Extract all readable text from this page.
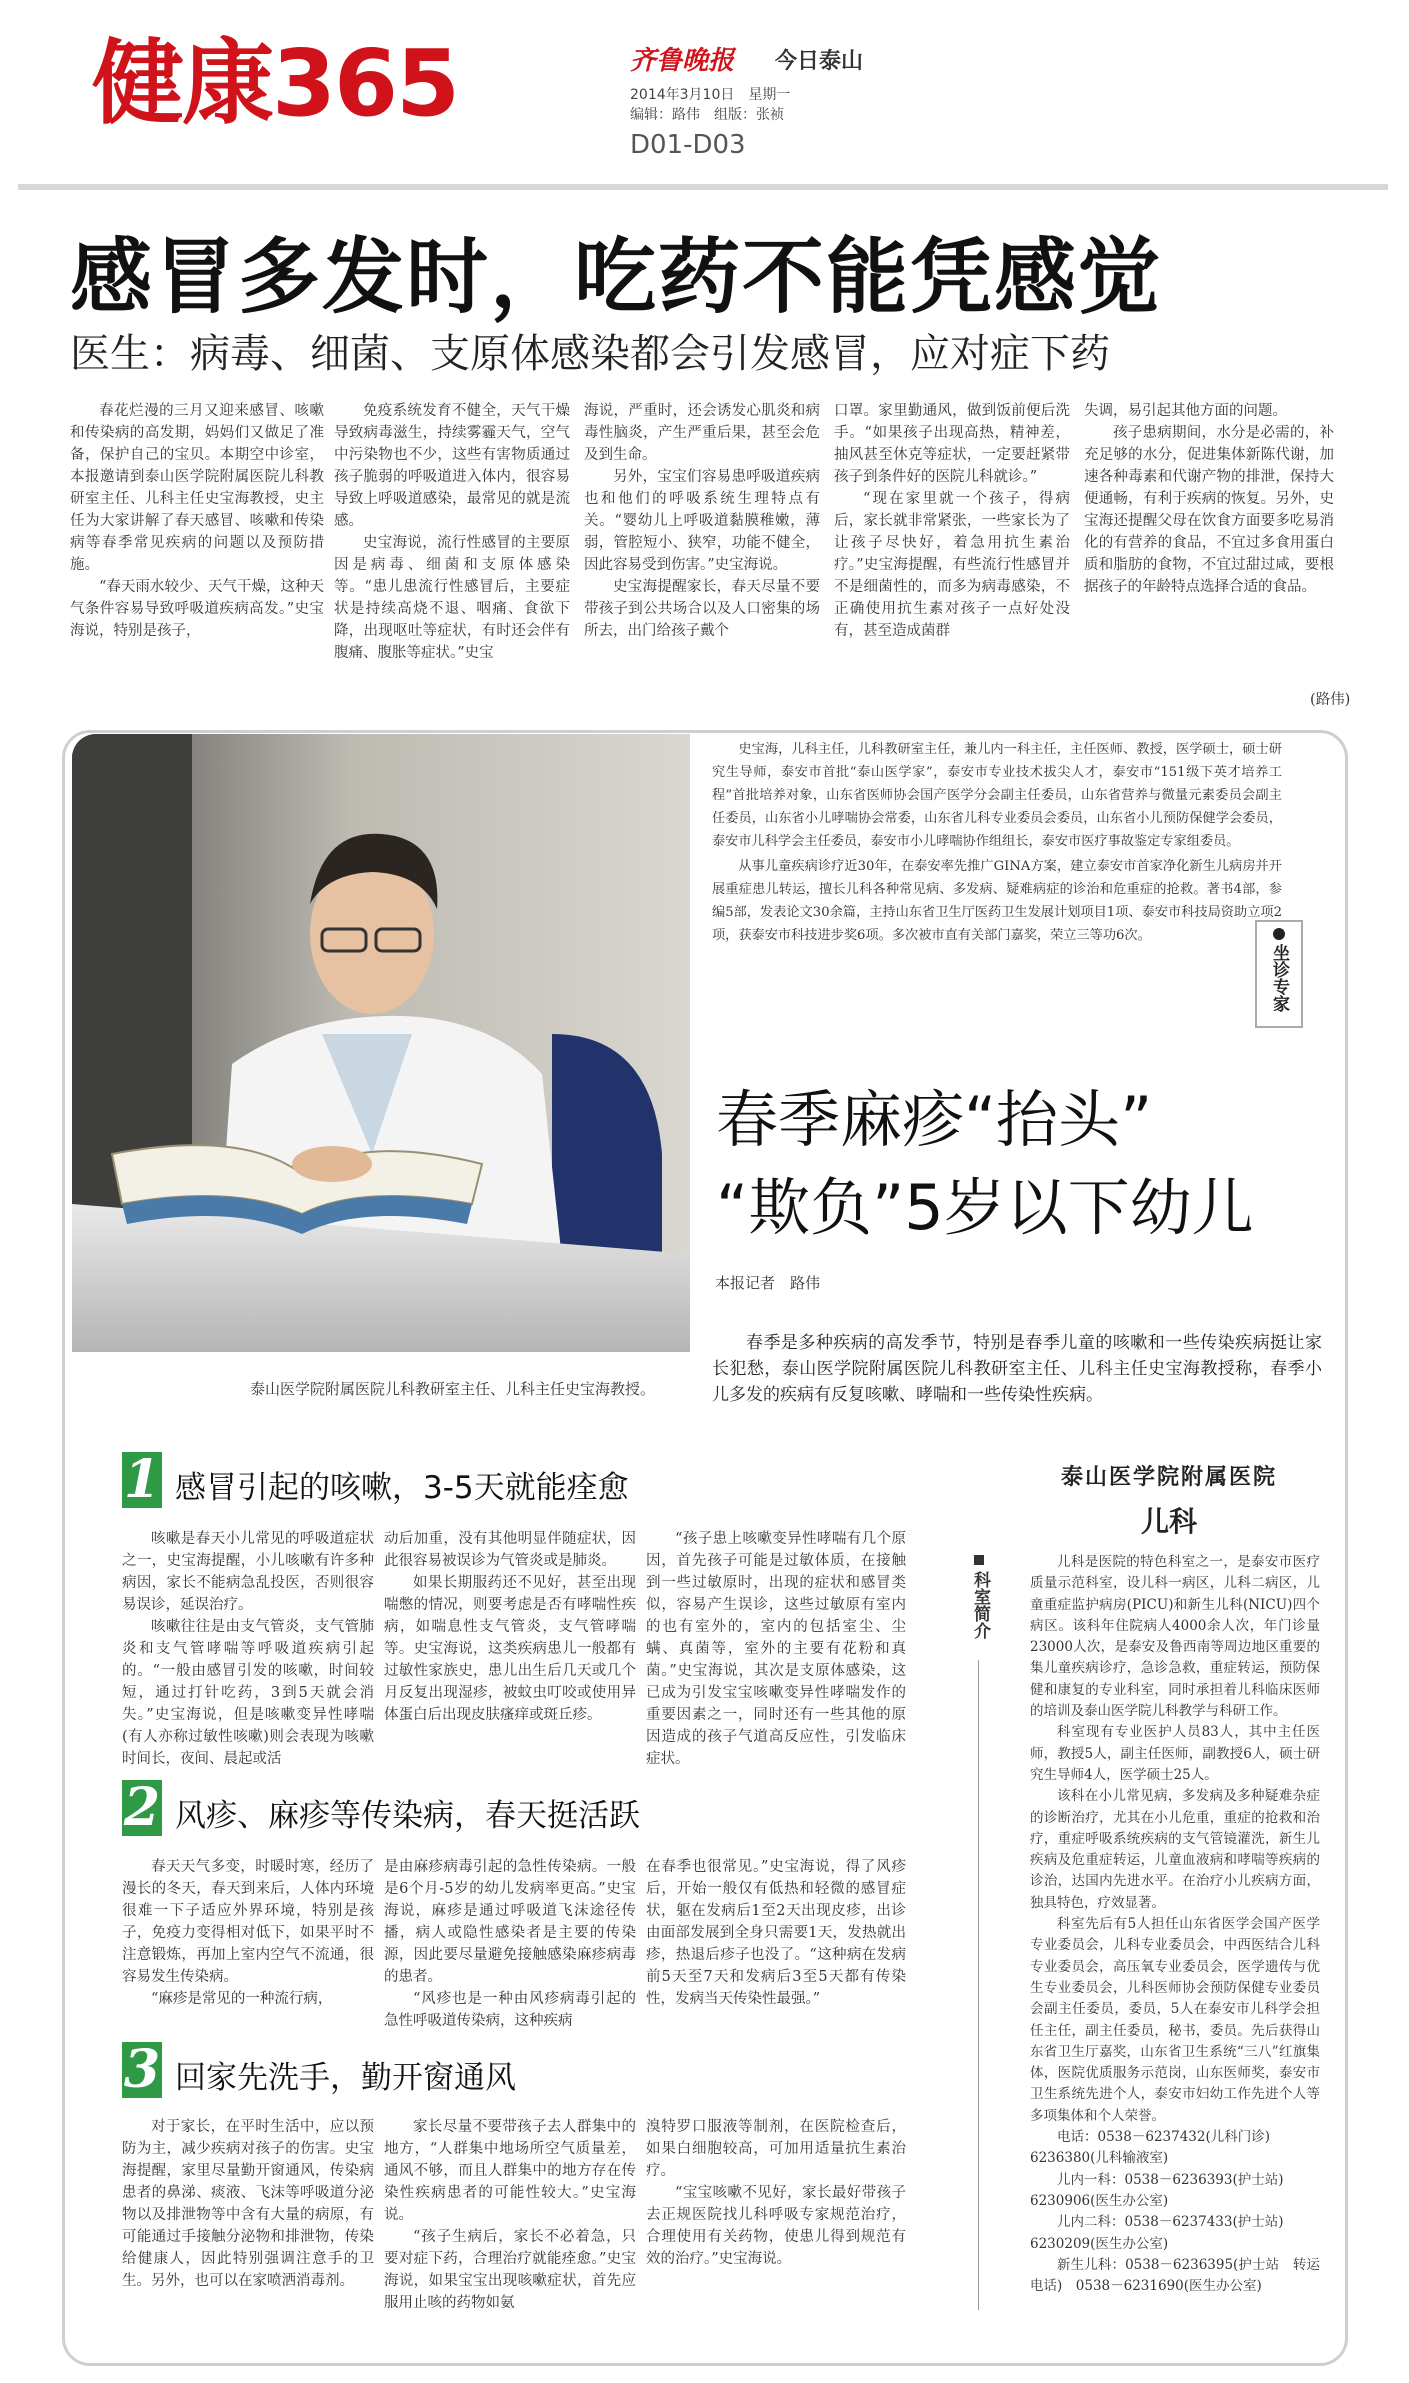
健康365	齐鲁晚报 今日泰山
2014年3月10日　星期一
编辑：路伟　组版：张祯
D01-D03
感冒多发时，吃药不能凭感觉
医生：病毒、细菌、支原体感染都会引发感冒，应对症下药

春花烂漫的三月又迎来感冒、咳嗽和传染病的高发期，妈妈们又做足了准备，保护自己的宝贝。本期空中诊室，本报邀请到泰山医学院附属医院儿科教研室主任、儿科主任史宝海教授，史主任为大家讲解了春天感冒、咳嗽和传染病等春季常见疾病的问题以及预防措施。

“春天雨水较少、天气干燥，这种天气条件容易导致呼吸道疾病高发。”史宝海说，特别是孩子，

免疫系统发育不健全，天气干燥导致病毒滋生，持续雾霾天气，空气中污染物也不少，这些有害物质通过孩子脆弱的呼吸道进入体内，很容易导致上呼吸道感染，最常见的就是流感。

史宝海说，流行性感冒的主要原因是病毒、细菌和支原体感染等。“患儿患流行性感冒后，主要症状是持续高烧不退、咽痛、食欲下降，出现呕吐等症状，有时还会伴有腹痛、腹胀等症状。”史宝

海说，严重时，还会诱发心肌炎和病毒性脑炎，产生严重后果，甚至会危及到生命。

另外，宝宝们容易患呼吸道疾病也和他们的呼吸系统生理特点有关。“婴幼儿上呼吸道黏膜稚嫩，薄弱，管腔短小、狭窄，功能不健全，因此容易受到伤害。”史宝海说。

史宝海提醒家长，春天尽量不要带孩子到公共场合以及人口密集的场所去，出门给孩子戴个

口罩。家里勤通风，做到饭前便后洗手。“如果孩子出现高热，精神差，抽风甚至休克等症状，一定要赶紧带孩子到条件好的医院儿科就诊。”

“现在家里就一个孩子，得病后，家长就非常紧张，一些家长为了让孩子尽快好，着急用抗生素治疗。”史宝海提醒，有些流行性感冒并不是细菌性的，而多为病毒感染，不正确使用抗生素对孩子一点好处没有，甚至造成菌群

失调，易引起其他方面的问题。

孩子患病期间，水分是必需的，补充足够的水分，促进集体新陈代谢，加速各种毒素和代谢产物的排泄，保持大便通畅，有利于疾病的恢复。另外，史宝海还提醒父母在饮食方面要多吃易消化的有营养的食品，不宜过多食用蛋白质和脂肪的食物，不宜过甜过咸，要根据孩子的年龄特点选择合适的食品。

(路伟)
泰山医学院附属医院儿科教研室主任、儿科主任史宝海教授。

史宝海，儿科主任，儿科教研室主任，兼儿内一科主任，主任医师、教授，医学硕士，硕士研究生导师，泰安市首批“泰山医学家”，泰安市专业技术拔尖人才，泰安市“151级下英才培养工程”首批培养对象，山东省医师协会国产医学分会副主任委员，山东省营养与微量元素委员会副主任委员，山东省小儿哮喘协会常委，山东省儿科专业委员会委员，山东省小儿预防保健学会委员，泰安市儿科学会主任委员，泰安市小儿哮喘协作组组长，泰安市医疗事故鉴定专家组委员。

从事儿童疾病诊疗近30年，在泰安率先推广GINA方案，建立泰安市首家净化新生儿病房并开展重症患儿转运，擅长儿科各种常见病、多发病、疑难病症的诊治和危重症的抢救。著书4部，参编5部，发表论文30余篇，主持山东省卫生厅医药卫生发展计划项目1项、泰安市科技局资助立项2项，获泰安市科技进步奖6项。多次被市直有关部门嘉奖，荣立三等功6次。

坐诊专家
春季麻疹“抬头”
“欺负”5岁以下幼儿
本报记者　路伟
春季是多种疾病的高发季节，特别是春季儿童的咳嗽和一些传染疾病挺让家长犯愁，泰山医学院附属医院儿科教研室主任、儿科主任史宝海教授称，春季小儿多发的疾病有反复咳嗽、哮喘和一些传染性疾病。
1 感冒引起的咳嗽，3-5天就能痊愈

咳嗽是春天小儿常见的呼吸道症状之一，史宝海提醒，小儿咳嗽有许多种病因，家长不能病急乱投医，否则很容易误诊，延误治疗。

咳嗽往往是由支气管炎，支气管肺炎和支气管哮喘等呼吸道疾病引起的。“一般由感冒引发的咳嗽，时间较短，通过打针吃药，3到5天就会消失。”史宝海说，但是咳嗽变异性哮喘(有人亦称过敏性咳嗽)则会表现为咳嗽时间长，夜间、晨起或活

动后加重，没有其他明显伴随症状，因此很容易被误诊为气管炎或是肺炎。

如果长期服药还不见好，甚至出现喘憋的情况，则要考虑是否有哮喘性疾病，如喘息性支气管炎，支气管哮喘等。史宝海说，这类疾病患儿一般都有过敏性家族史，患儿出生后几天或几个月反复出现湿疹，被蚊虫叮咬或使用异体蛋白后出现皮肤瘙痒或斑丘疹。

“孩子患上咳嗽变异性哮喘有几个原因，首先孩子可能是过敏体质，在接触到一些过敏原时，出现的症状和感冒类似，容易产生误诊，这些过敏原有室内的也有室外的，室内的包括室尘、尘螨、真菌等，室外的主要有花粉和真菌。”史宝海说，其次是支原体感染，这已成为引发宝宝咳嗽变异性哮喘发作的重要因素之一，同时还有一些其他的原因造成的孩子气道高反应性，引发临床症状。

2 风疹、麻疹等传染病，春天挺活跃

春天天气多变，时暖时寒，经历了漫长的冬天，春天到来后，人体内环境很难一下子适应外界环境，特别是孩子，免疫力变得相对低下，如果平时不注意锻炼，再加上室内空气不流通，很容易发生传染病。

“麻疹是常见的一种流行病，

是由麻疹病毒引起的急性传染病。一般是6个月-5岁的幼儿发病率更高。”史宝海说，麻疹是通过呼吸道飞沫途径传播，病人或隐性感染者是主要的传染源，因此要尽量避免接触感染麻疹病毒的患者。

“风疹也是一种由风疹病毒引起的急性呼吸道传染病，这种疾病

在春季也很常见。”史宝海说，得了风疹后，开始一般仅有低热和轻微的感冒症状，躯在发病后1至2天出现皮疹，出诊由面部发展到全身只需要1天，发热就出疹，热退后疹子也没了。“这种病在发病前5天至7天和发病后3至5天都有传染性，发病当天传染性最强。”

3 回家先洗手，勤开窗通风

对于家长，在平时生活中，应以预防为主，减少疾病对孩子的伤害。史宝海提醒，家里尽量勤开窗通风，传染病患者的鼻涕、痰液、飞沫等呼吸道分泌物以及排泄物等中含有大量的病原，有可能通过手接触分泌物和排泄物，传染给健康人，因此特别强调注意手的卫生。另外，也可以在家喷洒消毒剂。

家长尽量不要带孩子去人群集中的地方，“人群集中地场所空气质量差，通风不够，而且人群集中的地方存在传染性疾病患者的可能性较大。”史宝海说。

“孩子生病后，家长不必着急，只要对症下药，合理治疗就能痊愈。”史宝海说，如果宝宝出现咳嗽症状，首先应服用止咳的药物如氨

溴特罗口服液等制剂，在医院检查后，如果白细胞较高，可加用适量抗生素治疗。

“宝宝咳嗽不见好，家长最好带孩子去正规医院找儿科呼吸专家规范治疗，合理使用有关药物，使患儿得到规范有效的治疗。”史宝海说。

科室简介
泰山医学院附属医院
儿科

儿科是医院的特色科室之一，是泰安市医疗质量示范科室，设儿科一病区，儿科二病区，儿童重症监护病房(PICU)和新生儿科(NICU)四个病区。该科年住院病人4000余人次，年门诊量23000人次，是泰安及鲁西南等周边地区重要的集儿童疾病诊疗，急诊急救，重症转运，预防保健和康复的专业科室，同时承担着儿科临床医师的培训及泰山医学院儿科教学与科研工作。

科室现有专业医护人员83人，其中主任医师，教授5人，副主任医师，副教授6人，硕士研究生导师4人，医学硕士25人。

该科在小儿常见病，多发病及多种疑难杂症的诊断治疗，尤其在小儿危重，重症的抢救和治疗，重症呼吸系统疾病的支气管镜灌洗，新生儿疾病及危重症转运，儿童血液病和哮喘等疾病的诊治，达国内先进水平。在治疗小儿疾病方面，独具特色，疗效显著。

科室先后有5人担任山东省医学会国产医学专业委员会，儿科专业委员会，中西医结合儿科专业委员会，高压氧专业委员会，医学遗传与优生专业委员会，儿科医师协会预防保健专业委员会副主任委员，委员，5人在泰安市儿科学会担任主任，副主任委员，秘书，委员。先后获得山东省卫生厅嘉奖，山东省卫生系统“三八”红旗集体，医院优质服务示范岗，山东医师奖，泰安市卫生系统先进个人，泰安市妇幼工作先进个人等多项集体和个人荣誉。

电话：0538－6237432(儿科门诊)

6236380(儿科输液室)

儿内一科：0538－6236393(护士站)

6230906(医生办公室)

儿内二科：0538－6237433(护士站)

6230209(医生办公室)

新生儿科：0538－6236395(护士站　转运电话)　0538－6231690(医生办公室)
